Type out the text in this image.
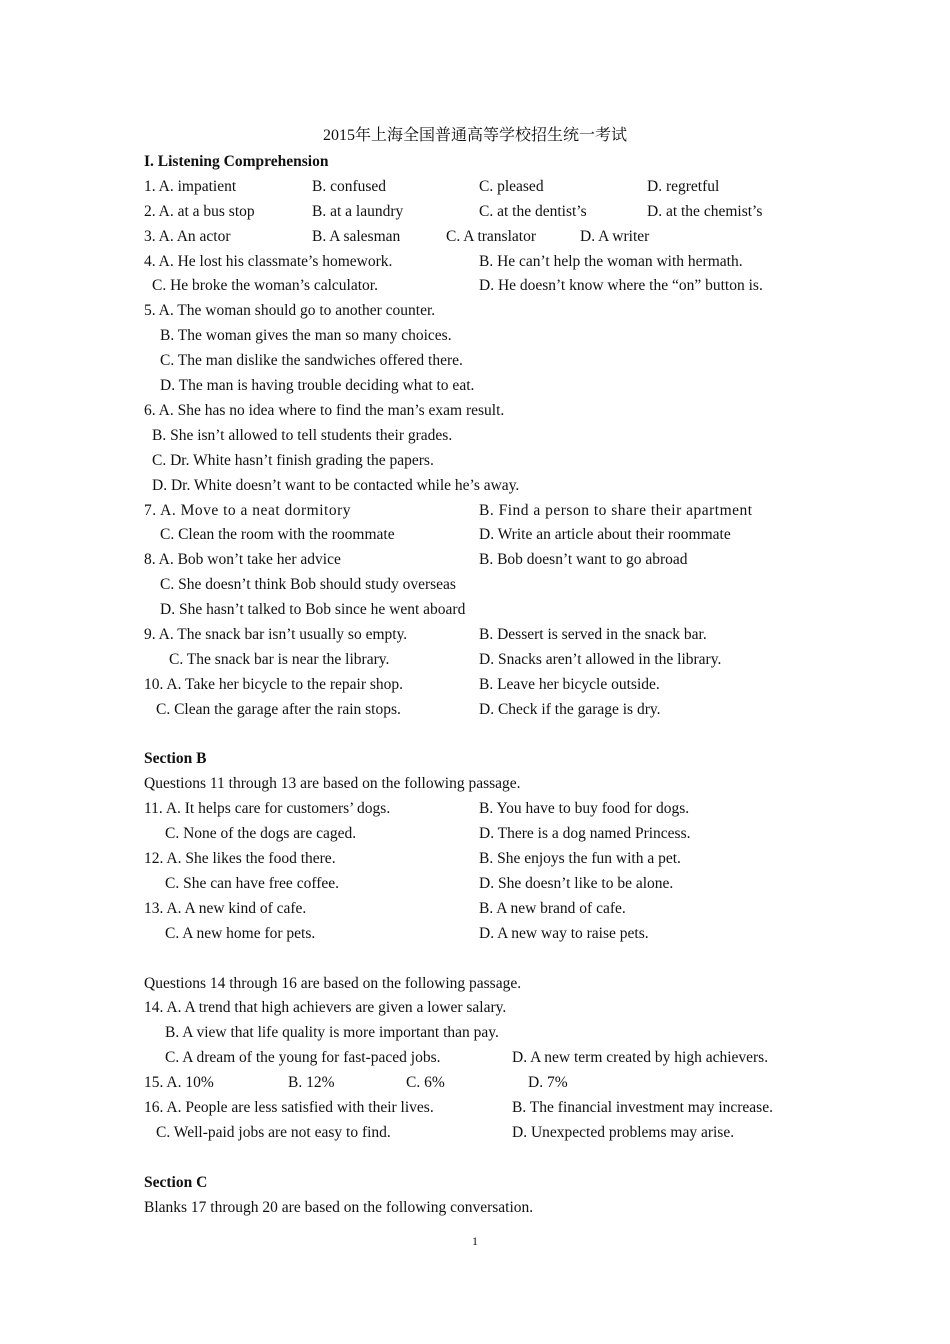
2015年上海全国普通高等学校招生统一考试
I. Listening Comprehension
1. A. impatient	B. confused	C. pleased	D. regretful
2. A. at a bus stop	B. at a laundry	C. at the dentist’s	D. at the chemist’s
3. A. An actor	B. A salesman	C. A translator	D. A writer
4. A. He lost his classmate’s homework.	B. He can’t help the woman with hermath.
C. He broke the woman’s calculator.	D. He doesn’t know where the “on” button is.
5. A. The woman should go to another counter.
B. The woman gives the man so many choices.
C. The man dislike the sandwiches offered there.
D. The man is having trouble deciding what to eat.
6. A. She has no idea where to find the man’s exam result.
B. She isn’t allowed to tell students their grades.
C. Dr. White hasn’t finish grading the papers.
D. Dr. White doesn’t want to be contacted while he’s away.
7. A. Move to a neat dormitory	B. Find a person to share their apartment
C. Clean the room with the roommate	D. Write an article about their roommate
8. A. Bob won’t take her advice	B. Bob doesn’t want to go abroad
C. She doesn’t think Bob should study overseas
D. She hasn’t talked to Bob since he went aboard
9. A. The snack bar isn’t usually so empty.	B. Dessert is served in the snack bar.
C. The snack bar is near the library.	D. Snacks aren’t allowed in the library.
10. A. Take her bicycle to the repair shop.	B. Leave her bicycle outside.
C. Clean the garage after the rain stops.	D. Check if the garage is dry.
Section B
Questions 11 through 13 are based on the following passage.
11. A. It helps care for customers’ dogs.	B. You have to buy food for dogs.
C. None of the dogs are caged.	D. There is a dog named Princess.
12. A. She likes the food there.	B. She enjoys the fun with a pet.
C. She can have free coffee.	D. She doesn’t like to be alone.
13. A. A new kind of cafe.	B. A new brand of cafe.
C. A new home for pets.	D. A new way to raise pets.
Questions 14 through 16 are based on the following passage.
14. A. A trend that high achievers are given a lower salary.
B. A view that life quality is more important than pay.
C. A dream of the young for fast-paced jobs.	D. A new term created by high achievers.
15. A. 10%	B. 12%	C. 6%	D. 7%
16. A. People are less satisfied with their lives.	B. The financial investment may increase.
C. Well-paid jobs are not easy to find.	D. Unexpected problems may arise.
Section C
Blanks 17 through 20 are based on the following conversation.
1
